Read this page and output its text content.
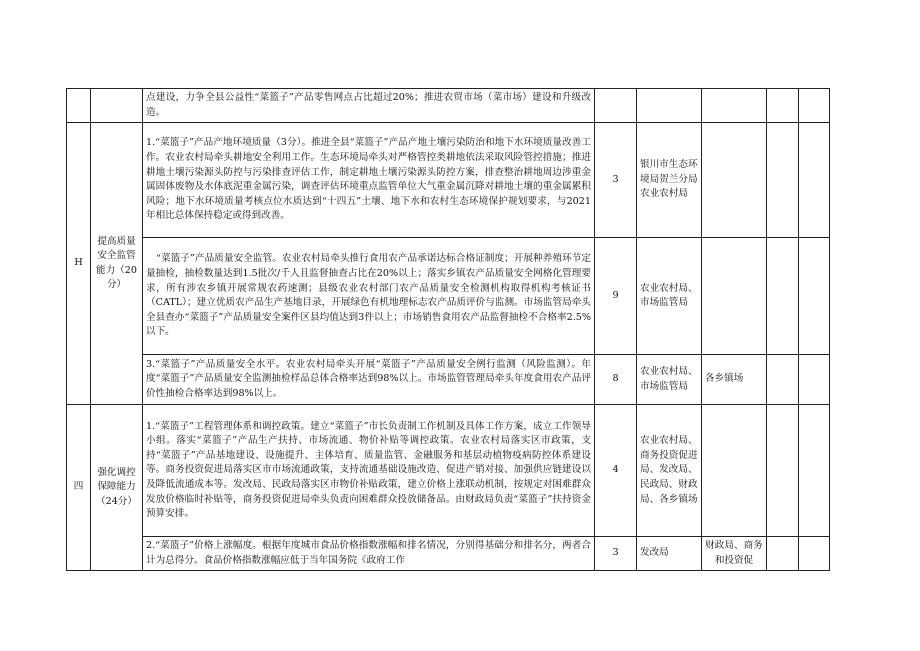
		点建设，力争全县公益性“菜篮子”产品零售网点占比超过20%；推进农贸市场（菜市场）建设和升级改造。					
H	提高质量安全监管能力（20分）	1.“菜篮子”产品产地环境质量（3分）。推进全县“菜篮子”产品产地土壤污染防治和地下水环境质量改善工作。农业农村局牵头耕地安全利用工作。生态环境局牵头对严格管控类耕地依法采取风险管控措施；推进耕地土壤污染源头防控与污染排查评估工作，制定耕地土壤污染源头防控方案，排查整治耕地周边涉重金属固体废物及水体底泥重金属污染，调查评估环境重点监管单位大气重金属沉降对耕地土壤的重金属累积风险；地下水环境质量考核点位水质达到“十四五”土壤、地下水和农村生态环境保护规划要求，与2021年相比总体保持稳定或得到改善。	3	银川市生态环境局贺兰分局农业农村局			
		“菜篮子”产品质量安全监管。农业农村局牵头推行食用农产品承诺达标合格证制度；开展种养殖环节定量抽检，抽检数量达到1.5批次/千人且监督抽查占比在20%以上；落实乡镇农产品质量安全网格化管理要求，所有涉农乡镇开展常规农药速测；县级农业农村部门农产品质量安全检测机构取得机构考核证书（CATL）；建立优质农产品生产基地目录，开展绿色有机地理标志农产品质评价与监测。市场监管局牵头全县查办“菜篮子”产品质量安全案件区县均值达到3件以上；市场销售食用农产品监督抽检不合格率2.5%以下。	9	农业农村局、市场监管局			
		3.“菜篮子”产品质量安全水平。农业农村局牵头开展“菜篮子”产品质量安全例行监测（风险监测）。年度“菜篮子”产品质量安全监测抽检样品总体合格率达到98%以上。市场监管管理局牵头年度食用农产品评价性抽检合格率达到98%以上。	8	农业农村局、市场监管局	各乡镇场		
四	强化调控保障能力（24分）	1.“菜篮子”工程管理体系和调控政策。建立“菜篮子”市长负责制工作机制及具体工作方案，成立工作领导小组。落实“菜篮子”产品生产扶持、市场流通、物价补贴等调控政策。农业农村局落实区市政策，支持“菜篮子”产品基地建设、设施提升、主体培育、质量监管、金融服务和基层动植物疫病防控体系建设等。商务投资促进局落实区市市场流通政策，支持流通基础设施改造、促进产销对接、加强供应链建设以及降低流通成本等。发改局、民政局落实区市物价补贴政策，建立价格上涨联动机制，按规定对困难群众发放价格临时补贴等，商务投资促进局牵头负责向困难群众投放储备品。由财政局负责“菜篮子”扶持资金预算安排。	4	农业农村局、商务投资促进局、发改局、民政局、财政局、各乡镇场			
		2.“菜篮子”价格上涨幅度。根据年度城市食品价格指数涨幅和排名情况，分别得基础分和排名分，两者合计为总得分。食品价格指数涨幅应低于当年国务院《政府工作	3	发改局	财政局、商务和投资促		
